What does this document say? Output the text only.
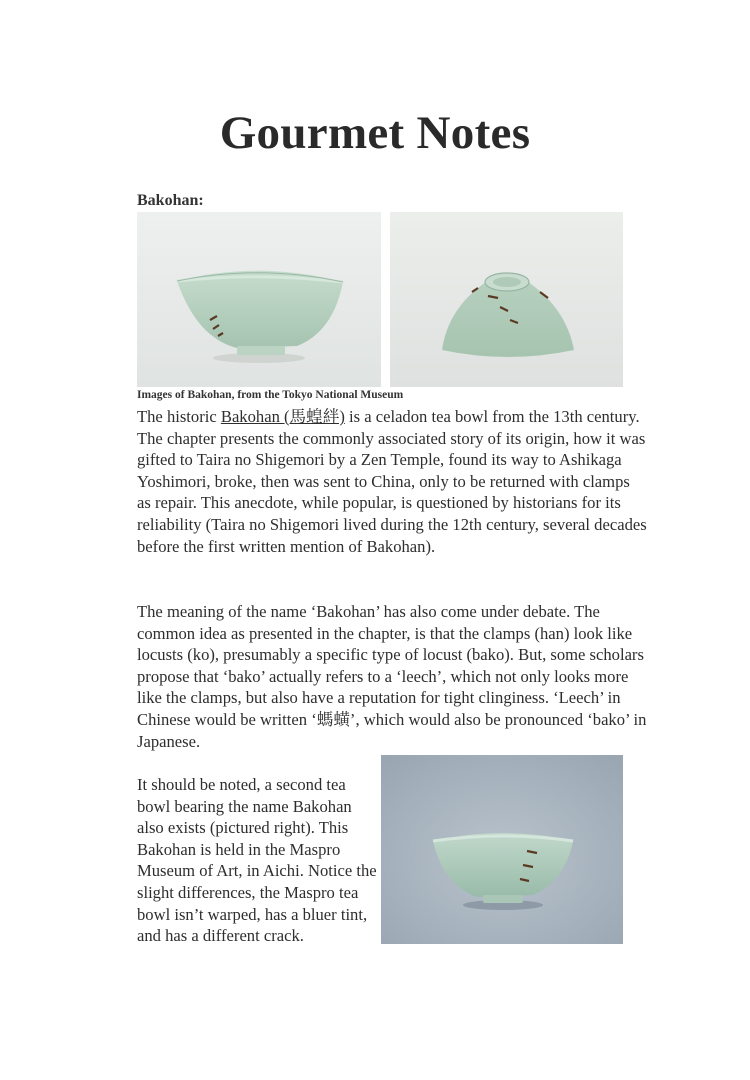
Gourmet Notes
Bakohan:
Images of Bakohan, from the Tokyo National Museum

The historic Bakohan (馬蝗絆) is a celadon tea bowl from the 13th century. The chapter presents the commonly associated story of its origin, how it was gifted to Taira no Shigemori by a Zen Temple, found its way to Ashikaga Yoshimori, broke, then was sent to China, only to be returned with clamps as repair. This anecdote, while popular, is questioned by historians for its reliability (Taira no Shigemori lived during the 12th century, several decades before the first written mention of Bakohan).

The meaning of the name ‘Bakohan’ has also come under debate. The common idea as presented in the chapter, is that the clamps (han) look like locusts (ko), presumably a specific type of locust (bako). But, some scholars propose that ‘bako’ actually refers to a ‘leech’, which not only looks more like the clamps, but also have a reputation for tight clinginess. ‘Leech’ in Chinese would be written ‘螞蟥’, which would also be pronounced ‘bako’ in Japanese.

It should be noted, a second tea bowl bearing the name Bakohan also exists (pictured right). This Bakohan is held in the Maspro Museum of Art, in Aichi. Notice the slight differences, the Maspro tea bowl isn’t warped, has a bluer tint, and has a different crack.
